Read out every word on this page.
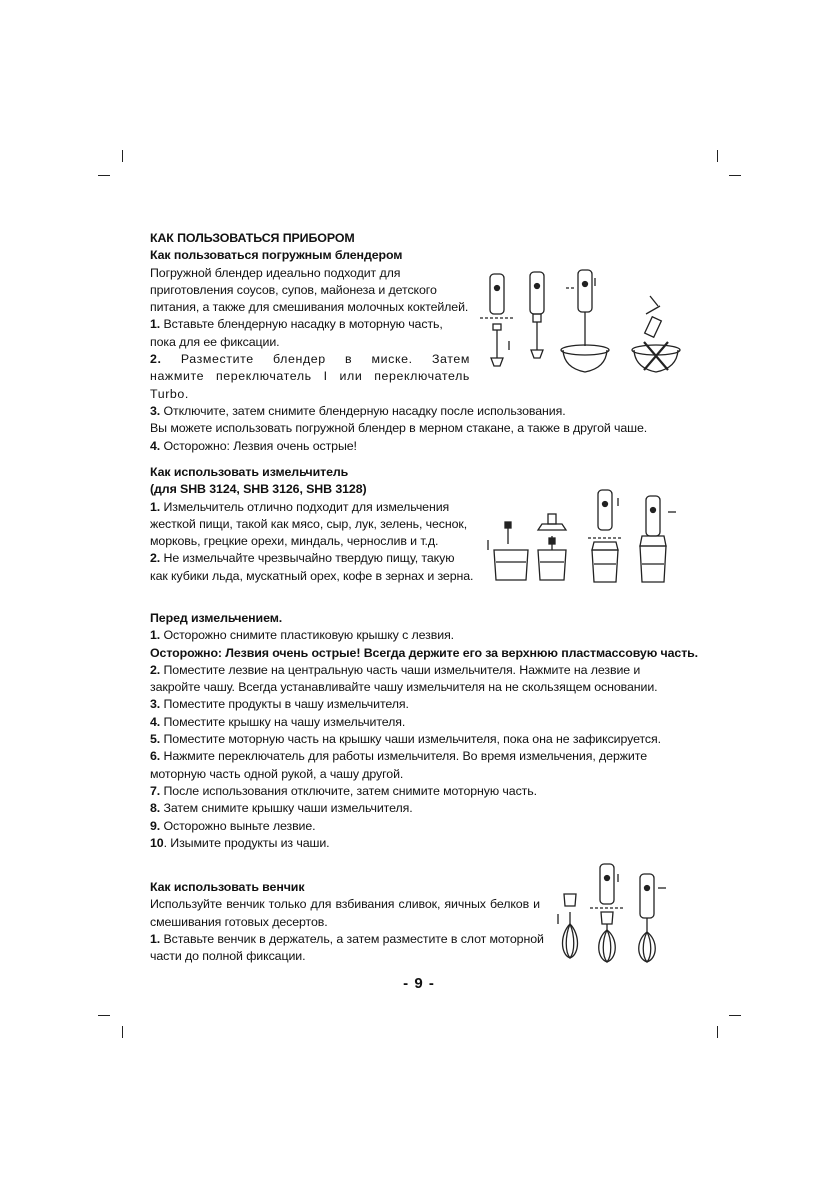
КАК ПОЛЬЗОВАТЬСЯ ПРИБОРОМ

Как пользоваться погружным блендером

Погружной блендер идеально подходит для приготовления соусов, супов, майонеза и детского питания, а также для смешивания молочных коктейлей.

1. Вставьте блендерную насадку в моторную часть, пока для ее фиксации.

2. Разместите блендер в миске. Затем нажмите переключатель I или переключатель Turbo.

3. Отключите, затем снимите блендерную насадку после использования.

Вы можете использовать погружной блендер в мерном стакане, а также в другой чаше.

4. Осторожно: Лезвия очень острые!

Как использовать измельчитель

(для SHB 3124, SHB 3126, SHB 3128)

1. Измельчитель отлично подходит для измельчения жесткой пищи, такой как мясо, сыр, лук, зелень, чеснок, морковь, грецкие орехи, миндаль, чернослив и т.д.

2. Не измельчайте чрезвычайно твердую пищу, такую как кубики льда, мускатный орех, кофе в зернах и зерна.

Перед измельчением.

1. Осторожно снимите пластиковую крышку с лезвия.

Осторожно: Лезвия очень острые! Всегда держите его за верхнюю пластмассовую часть.

2. Поместите лезвие на центральную часть чаши измельчителя. Нажмите на лезвие и закройте чашу. Всегда устанавливайте чашу измельчителя на не скользящем основании.

3. Поместите продукты в чашу измельчителя.

4. Поместите крышку на чашу измельчителя.

5. Поместите моторную часть на крышку чаши измельчителя, пока она не зафиксируется.

6. Нажмите переключатель для работы измельчителя. Во время измельчения, держите моторную часть одной рукой, а чашу другой.

7. После использования отключите, затем снимите моторную часть.

8. Затем снимите крышку чаши измельчителя.

9. Осторожно выньте лезвие.

10. Изымите продукты из чаши.

Как использовать венчик

Используйте венчик только для взбивания сливок, яичных белков и смешивания готовых десертов.

1. Вставьте венчик в держатель, а затем разместите в слот моторной части до полной фиксации.

- 9 -
